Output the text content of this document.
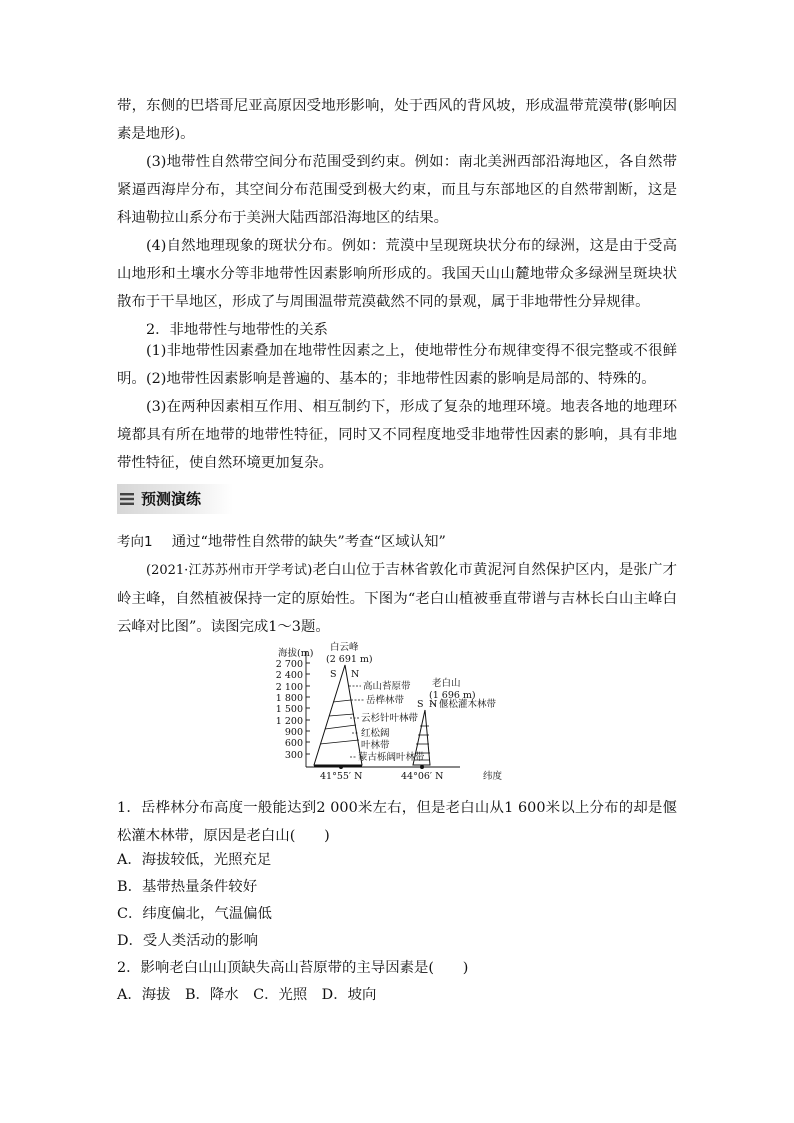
带，东侧的巴塔哥尼亚高原因受地形影响，处于西风的背风坡，形成温带荒漠带(影响因素是地形)。

(3)地带性自然带空间分布范围受到约束。例如：南北美洲西部沿海地区，各自然带紧逼西海岸分布，其空间分布范围受到极大约束，而且与东部地区的自然带割断，这是科迪勒拉山系分布于美洲大陆西部沿海地区的结果。

(4)自然地理现象的斑状分布。例如：荒漠中呈现斑块状分布的绿洲，这是由于受高山地形和土壤水分等非地带性因素影响所形成的。我国天山山麓地带众多绿洲呈斑块状散布于干旱地区，形成了与周围温带荒漠截然不同的景观，属于非地带性分异规律。

2．非地带性与地带性的关系

(1)非地带性因素叠加在地带性因素之上，使地带性分布规律变得不很完整或不很鲜明。 (2)地带性因素影响是普遍的、基本的；非地带性因素的影响是局部的、特殊的。

(3)在两种因素相互作用、相互制约下，形成了复杂的地理环境。地表各地的地理环境都具有所在地带的地带性特征，同时又不同程度地受非地带性因素的影响，具有非地带性特征，使自然环境更加复杂。

预测演练

考向1 通过“地带性自然带的缺失”考查“区域认知”

(2021·江苏苏州市开学考试)老白山位于吉林省敦化市黄泥河自然保护区内，是张广才岭主峰，自然植被保持一定的原始性。下图为“老白山植被垂直带谱与吉林长白山主峰白云峰对比图”。读图完成1～3题。

海拔(m)
白云峰
(2 691 m)
S N
老白山
(1 696 m)
S N
2 700
2 400
2 100
1 800
1 500
1 200
900
600
300
高山苔原带
岳桦林带
云杉针叶林带
红松阔
叶林带
蒙古栎阔叶林带
偃松灌木林带
41°55′ N	44°06′ N	纬度

1．岳桦林分布高度一般能达到2 000米左右，但是老白山从1 600米以上分布的却是偃松灌木林带，原因是老白山(　　)

A．海拔较低，光照充足

B．基带热量条件较好

C．纬度偏北，气温偏低

D．受人类活动的影响

2．影响老白山山顶缺失高山苔原带的主导因素是(　　)

A．海拔　B．降水　C．光照　D．坡向
